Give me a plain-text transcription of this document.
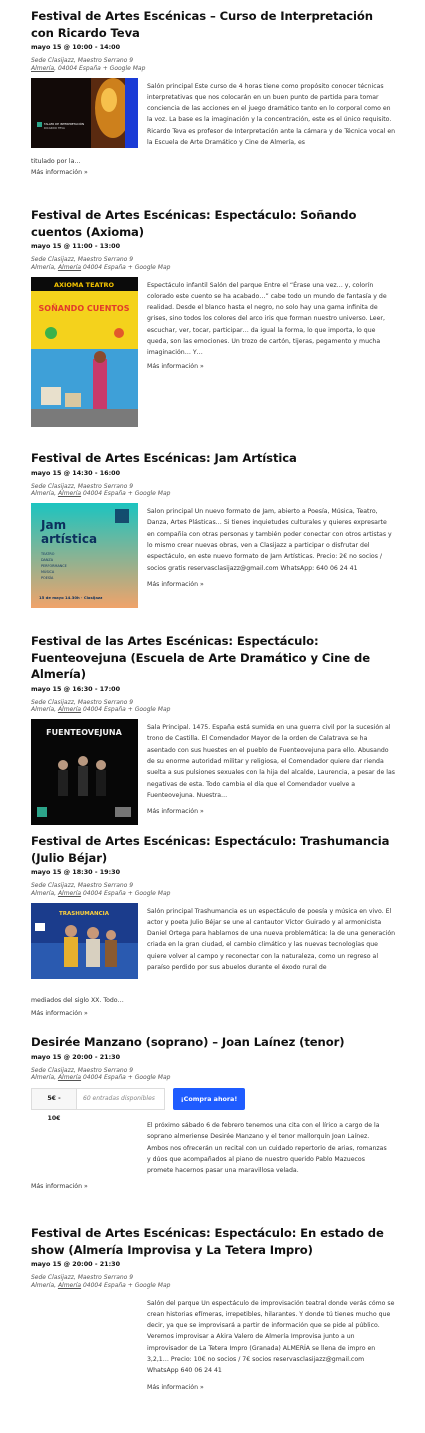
Festival de Artes Escénicas – Curso de Interpretación con Ricardo Teva
mayo 15 @ 10:00 - 14:00
Sede Clasijazz, Maestro Serrano 9
Almería, 04004 España + Google Map
TALLER DE INTERPRETACIÓN
RICARDO TEVA
Salón principal Este curso de 4 horas tiene como propósito conocer técnicas interpretativas que nos colocarán en un buen punto de partida para tomar conciencia de las acciones en el juego dramático tanto en lo corporal como en la voz. La base es la imaginación y la concentración, este es el único requisito. Ricardo Teva es profesor de Interpretación ante la cámara y de Técnica vocal en la Escuela de Arte Dramático y Cine de Almería, es
titulado por la…
Más información »
Festival de Artes Escénicas: Espectáculo: Soñando cuentos (Axioma)
mayo 15 @ 11:00 - 13:00
Sede Clasijazz, Maestro Serrano 9
Almería, Almería 04004 España + Google Map
AXIOMA TEATRO
SOÑANDO CUENTOS
Espectáculo infantil Salón del parque Entre el “Érase una vez… y, colorín colorado este cuento se ha acabado…” cabe todo un mundo de fantasía y de realidad. Desde el blanco hasta el negro, no solo hay una gama infinita de grises, sino todos los colores del arco iris que forman nuestro universo. Leer, escuchar, ver, tocar, participar… da igual la forma, lo que importa, lo que queda, son las emociones. Un trozo de cartón, tijeras, pegamento y mucha imaginación… Y…
Más información »
Festival de Artes Escénicas: Jam Artística
mayo 15 @ 14:30 - 16:00
Sede Clasijazz, Maestro Serrano 9
Almería, Almería 04004 España + Google Map
Jam
artística
TEATRO
DANZA
PERFORMANCE
MÚSICA
POESÍA
15 de mayo 14.30h · Clasijazz
Salon principal Un nuevo formato de Jam, abierto a Poesía, Música, Teatro, Danza, Artes Plásticas… Si tienes inquietudes culturales y quieres expresarte en compañía con otras personas y también poder conectar con otros artistas y lo mismo crear nuevas obras, ven a Clasijazz a participar o disfrutar del espectáculo, en este nuevo formato de Jam Artísticas. Precio: 2€ no socios / socios gratis reservasclasijazz@gmail.com WhatsApp: 640 06 24 41
Más información »
Festival de las Artes Escénicas: Espectáculo: Fuenteovejuna (Escuela de Arte Dramático y Cine de Almería)
mayo 15 @ 16:30 - 17:00
Sede Clasijazz, Maestro Serrano 9
Almería, Almería 04004 España + Google Map
FUENTEOVEJUNA
Sala Principal. 1475. España está sumida en una guerra civil por la sucesión al trono de Castilla. El Comendador Mayor de la orden de Calatrava se ha asentado con sus huestes en el pueblo de Fuenteovejuna para ello. Abusando de su enorme autoridad militar y religiosa, el Comendador quiere dar rienda suelta a sus pulsiones sexuales con la hija del alcalde, Laurencia, a pesar de las negativas de esta. Todo cambia el día que el Comendador vuelve a Fuenteovejuna. Nuestra…
Más información »
Festival de Artes Escénicas: Espectáculo: Trashumancia (Julio Béjar)
mayo 15 @ 18:30 - 19:30
Sede Clasijazz, Maestro Serrano 9
Almería, Almería 04004 España + Google Map
TRASHUMANCIA	Salón principal Trashumancia es un espectáculo de poesía y música en vivo. El actor y poeta Julio Béjar se une al cantautor Víctor Guirado y al armonicista Daniel Ortega para hablarnos de una nueva problemática: la de una generación criada en la gran ciudad, el cambio climático y las nuevas tecnologías que quiere volver al campo y reconectar con la naturaleza, como un regreso al paraíso perdido por sus abuelos durante el éxodo rural de
mediados del siglo XX. Todo…
Más información »
Desirée Manzano (soprano) – Joan Laínez (tenor)
mayo 15 @ 20:00 - 21:30
Sede Clasijazz, Maestro Serrano 9
Almería, Almería 04004 España + Google Map
5€ - 10€
60 entradas disponibles	¡Compra ahora!
El próximo sábado 6 de febrero tenemos una cita con el lírico a cargo de la soprano almeriense Desirée Manzano y el tenor mallorquín Joan Laínez. Ambos nos ofrecerán un recital con un cuidado repertorio de arias, romanzas y dúos que acompañados al piano de nuestro querido Pablo Mazuecos promete hacernos pasar una maravillosa velada.
Más información »
Festival de Artes Escénicas: Espectáculo: En estado de show (Almería Improvisa y La Tetera Impro)
mayo 15 @ 20:00 - 21:30
Sede Clasijazz, Maestro Serrano 9
Almería, Almería 04004 España + Google Map
Salón del parque Un espectáculo de improvisación teatral donde verás cómo se crean historias efímeras, irrepetibles, hilarantes. Y donde tú tienes mucho que decir, ya que se improvisará a partir de información que se pide al público. Veremos improvisar a Akira Valero de Almería Improvisa junto a un improvisador de La Tetera Impro (Granada) ALMERÍA se llena de impro en 3,2,1… Precio: 10€ no socios / 7€ socios reservasclasijazz@gmail.com WhatsApp 640 06 24 41
Más información »
